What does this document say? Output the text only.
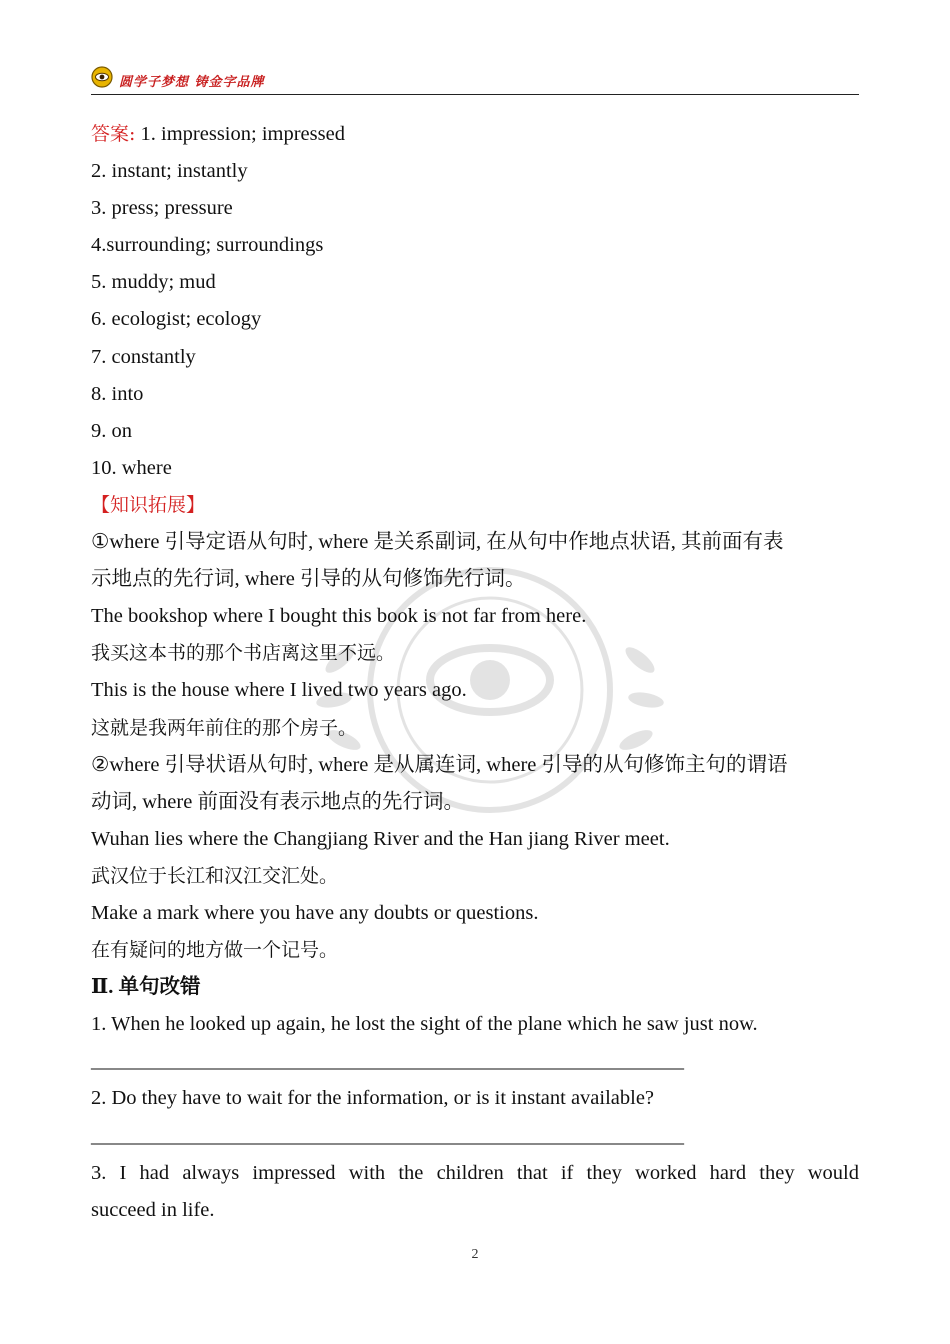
圆学子梦想 铸金字品牌
答案: 1. impression; impressed
2. instant; instantly
3. press; pressure
4.surrounding; surroundings
5. muddy; mud
6. ecologist; ecology
7. constantly
8. into
9. on
10. where
【知识拓展】
①where 引导定语从句时, where 是关系副词, 在从句中作地点状语, 其前面有表
示地点的先行词, where 引导的从句修饰先行词。
The bookshop where I bought this book is not far from here.
我买这本书的那个书店离这里不远。
This is the house where I lived two years ago.
这就是我两年前住的那个房子。
②where 引导状语从句时, where 是从属连词, where 引导的从句修饰主句的谓语
动词, where 前面没有表示地点的先行词。
Wuhan lies where the Changjiang River and the Han jiang River meet.
武汉位于长江和汉江交汇处。
Make a mark where you have any doubts or questions.
在有疑问的地方做一个记号。
Ⅱ. 单句改错
1. When he looked up again, he lost the sight of the plane which he saw just now.
________________________________________________________________
2. Do they have to wait for the information, or is it instant available?
________________________________________________________________
3. I had always impressed with the children that if they worked hard they would
succeed in life.
2
